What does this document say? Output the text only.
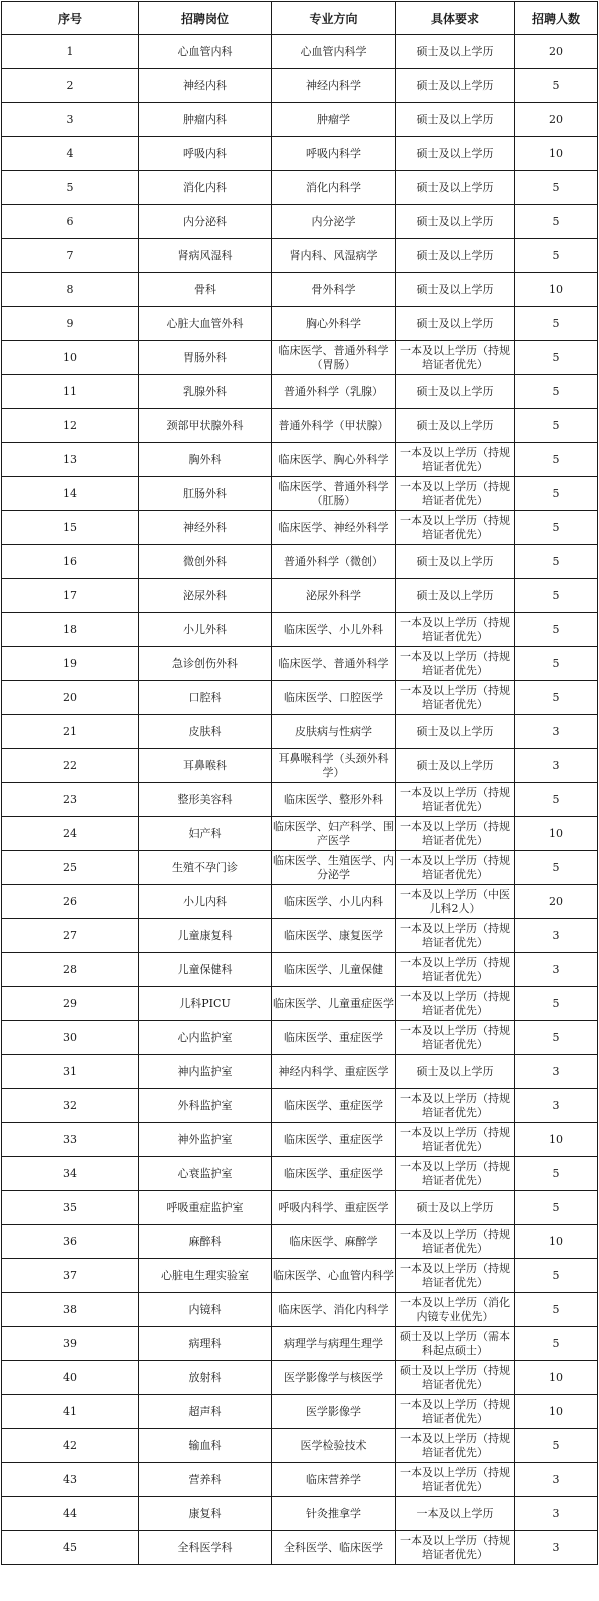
序号	招聘岗位	专业方向	具体要求	招聘人数
1	心血管内科	心血管内科学	硕士及以上学历	20
2	神经内科	神经内科学	硕士及以上学历	5
3	肿瘤内科	肿瘤学	硕士及以上学历	20
4	呼吸内科	呼吸内科学	硕士及以上学历	10
5	消化内科	消化内科学	硕士及以上学历	5
6	内分泌科	内分泌学	硕士及以上学历	5
7	肾病风湿科	肾内科、风湿病学	硕士及以上学历	5
8	骨科	骨外科学	硕士及以上学历	10
9	心脏大血管外科	胸心外科学	硕士及以上学历	5
10	胃肠外科	临床医学、普通外科学（胃肠）	一本及以上学历（持规培证者优先）	5
11	乳腺外科	普通外科学（乳腺）	硕士及以上学历	5
12	颈部甲状腺外科	普通外科学（甲状腺）	硕士及以上学历	5
13	胸外科	临床医学、胸心外科学	一本及以上学历（持规培证者优先）	5
14	肛肠外科	临床医学、普通外科学（肛肠）	一本及以上学历（持规培证者优先）	5
15	神经外科	临床医学、神经外科学	一本及以上学历（持规培证者优先）	5
16	微创外科	普通外科学（微创）	硕士及以上学历	5
17	泌尿外科	泌尿外科学	硕士及以上学历	5
18	小儿外科	临床医学、小儿外科	一本及以上学历（持规培证者优先）	5
19	急诊创伤外科	临床医学、普通外科学	一本及以上学历（持规培证者优先）	5
20	口腔科	临床医学、口腔医学	一本及以上学历（持规培证者优先）	5
21	皮肤科	皮肤病与性病学	硕士及以上学历	3
22	耳鼻喉科	耳鼻喉科学（头颈外科学）	硕士及以上学历	3
23	整形美容科	临床医学、整形外科	一本及以上学历（持规培证者优先）	5
24	妇产科	临床医学、妇产科学、围产医学	一本及以上学历（持规培证者优先）	10
25	生殖不孕门诊	临床医学、生殖医学、内分泌学	一本及以上学历（持规培证者优先）	5
26	小儿内科	临床医学、小儿内科	一本及以上学历（中医儿科2人）	20
27	儿童康复科	临床医学、康复医学	一本及以上学历（持规培证者优先）	3
28	儿童保健科	临床医学、儿童保健	一本及以上学历（持规培证者优先）	3
29	儿科PICU	临床医学、儿童重症医学	一本及以上学历（持规培证者优先）	5
30	心内监护室	临床医学、重症医学	一本及以上学历（持规培证者优先）	5
31	神内监护室	神经内科学、重症医学	硕士及以上学历	3
32	外科监护室	临床医学、重症医学	一本及以上学历（持规培证者优先）	3
33	神外监护室	临床医学、重症医学	一本及以上学历（持规培证者优先）	10
34	心衰监护室	临床医学、重症医学	一本及以上学历（持规培证者优先）	5
35	呼吸重症监护室	呼吸内科学、重症医学	硕士及以上学历	5
36	麻醉科	临床医学、麻醉学	一本及以上学历（持规培证者优先）	10
37	心脏电生理实验室	临床医学、心血管内科学	一本及以上学历（持规培证者优先）	5
38	内镜科	临床医学、消化内科学	一本及以上学历（消化内镜专业优先）	5
39	病理科	病理学与病理生理学	硕士及以上学历（需本科起点硕士）	5
40	放射科	医学影像学与核医学	硕士及以上学历（持规培证者优先）	10
41	超声科	医学影像学	一本及以上学历（持规培证者优先）	10
42	输血科	医学检验技术	一本及以上学历（持规培证者优先）	5
43	营养科	临床营养学	一本及以上学历（持规培证者优先）	3
44	康复科	针灸推拿学	一本及以上学历	3
45	全科医学科	全科医学、临床医学	一本及以上学历（持规培证者优先）	3
